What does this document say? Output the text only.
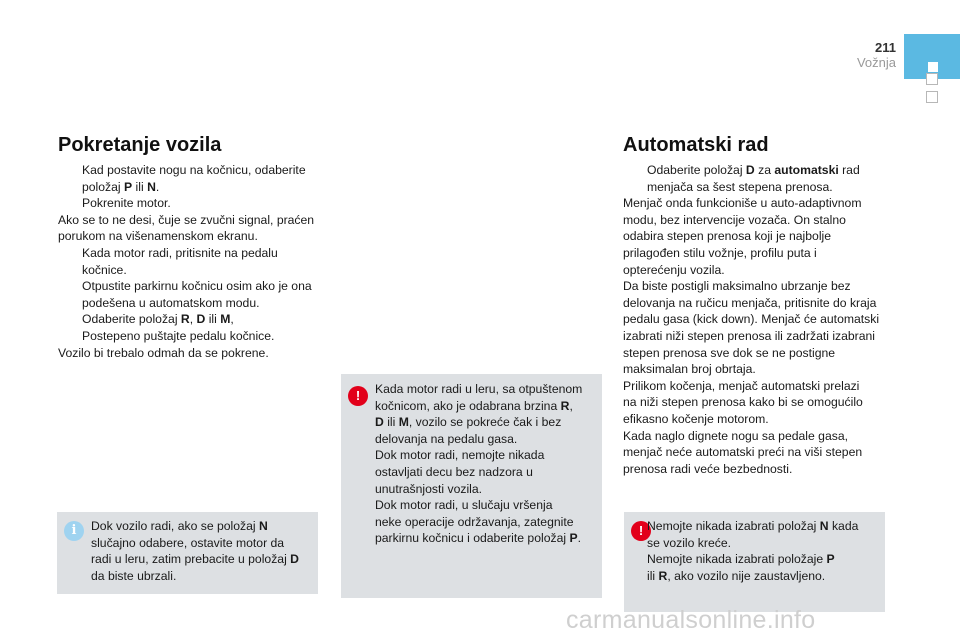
211
Vožnja
Pokretanje vozila
Kad postavite nogu na kočnicu, odaberite
položaj P ili N.
Pokrenite motor.
Ako se to ne desi, čuje se zvučni signal, praćen
porukom na višenamenskom ekranu.
Kada motor radi, pritisnite na pedalu
kočnice.
Otpustite parkirnu kočnicu osim ako je ona
podešena u automatskom modu.
Odaberite položaj R, D ili M,
Postepeno puštajte pedalu kočnice.
Vozilo bi trebalo odmah da se pokrene.
i	Dok vozilo radi, ako se položaj N
slučajno odabere, ostavite motor da
radi u leru, zatim prebacite u položaj D
da biste ubrzali.
!	Kada motor radi u leru, sa otpuštenom
kočnicom, ako je odabrana brzina R,
D ili M, vozilo se pokreće čak i bez
delovanja na pedalu gasa.
Dok motor radi, nemojte nikada
ostavljati decu bez nadzora u
unutrašnjosti vozila.
Dok motor radi, u slučaju vršenja
neke operacije održavanja, zategnite
parkirnu kočnicu i odaberite položaj P.
Automatski rad
Odaberite položaj D za automatski rad
menjača sa šest stepena prenosa.
Menjač onda funkcioniše u auto-adaptivnom
modu, bez intervencije vozača. On stalno
odabira stepen prenosa koji je najbolje
prilagođen stilu vožnje, profilu puta i
opterećenju vozila.
Da biste postigli maksimalno ubrzanje bez
delovanja na ručicu menjača, pritisnite do kraja
pedalu gasa (kick down). Menjač će automatski
izabrati niži stepen prenosa ili zadržati izabrani
stepen prenosa sve dok se ne postigne
maksimalan broj obrtaja.
Prilikom kočenja, menjač automatski prelazi
na niži stepen prenosa kako bi se omogućilo
efikasno kočenje motorom.
Kada naglo dignete nogu sa pedale gasa,
menjač neće automatski preći na viši stepen
prenosa radi veće bezbednosti.
! Nemojte nikada izabrati položaj N kada
se vozilo kreće.
Nemojte nikada izabrati položaje P
ili R, ako vozilo nije zaustavljeno.
carmanualsonline.info
